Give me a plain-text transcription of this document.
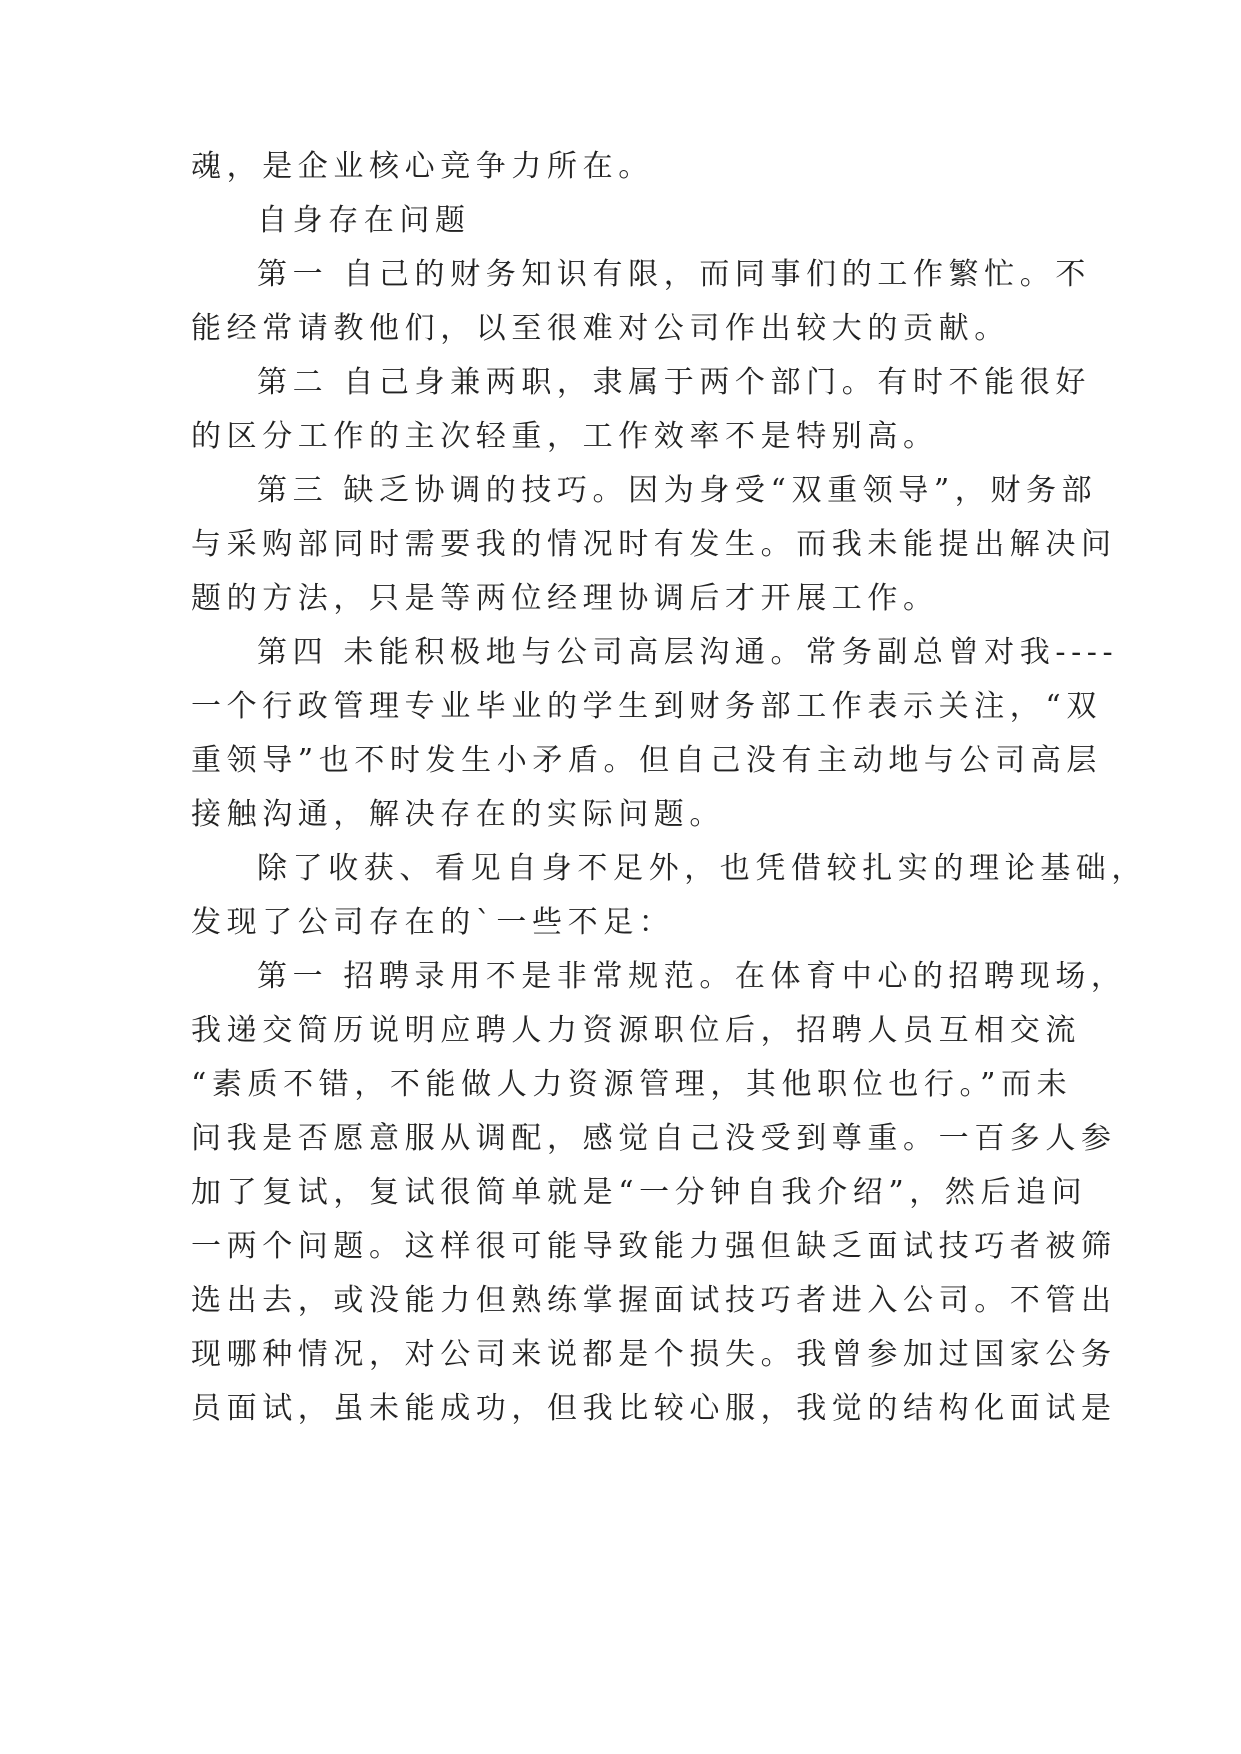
魂，是企业核心竞争力所在。
自身存在问题
第一 自己的财务知识有限，而同事们的工作繁忙。不
能经常请教他们，以至很难对公司作出较大的贡献。
第二 自己身兼两职，隶属于两个部门。有时不能很好
的区分工作的主次轻重，工作效率不是特别高。
第三 缺乏协调的技巧。因为身受“双重领导”，财务部
与采购部同时需要我的情况时有发生。而我未能提出解决问
题的方法，只是等两位经理协调后才开展工作。
第四 未能积极地与公司高层沟通。常务副总曾对我----
一个行政管理专业毕业的学生到财务部工作表示关注，“双
重领导”也不时发生小矛盾。但自己没有主动地与公司高层
接触沟通，解决存在的实际问题。
除了收获、看见自身不足外，也凭借较扎实的理论基础，
发现了公司存在的`一些不足：
第一 招聘录用不是非常规范。在体育中心的招聘现场，
我递交简历说明应聘人力资源职位后，招聘人员互相交流
“素质不错，不能做人力资源管理，其他职位也行。”而未
问我是否愿意服从调配，感觉自己没受到尊重。一百多人参
加了复试，复试很简单就是“一分钟自我介绍”，然后追问
一两个问题。这样很可能导致能力强但缺乏面试技巧者被筛
选出去，或没能力但熟练掌握面试技巧者进入公司。不管出
现哪种情况，对公司来说都是个损失。我曾参加过国家公务
员面试，虽未能成功，但我比较心服，我觉的结构化面试是
